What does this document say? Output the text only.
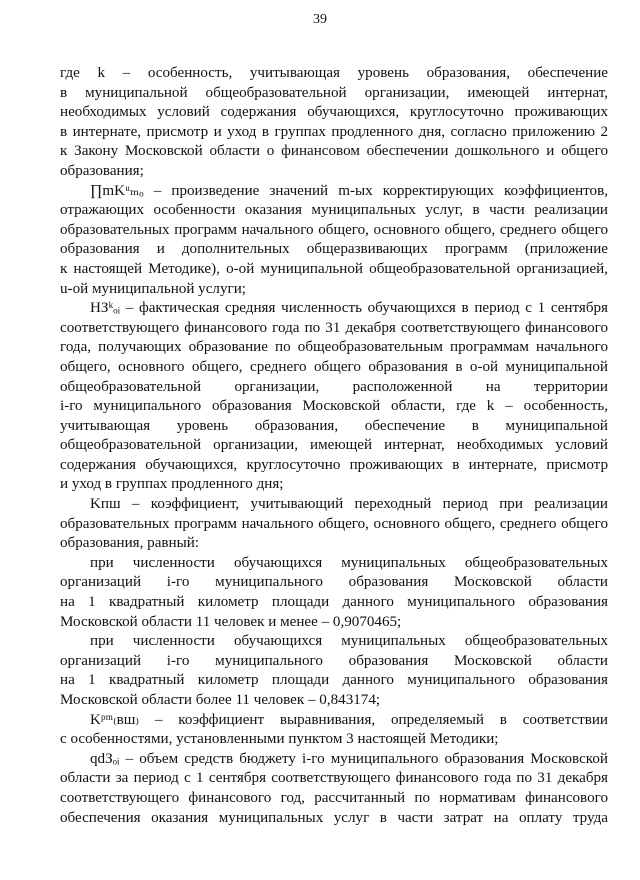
39
где k – особенность, учитывающая уровень образования, обеспечение
в муниципальной общеобразовательной организации, имеющей интернат,
необходимых условий содержания обучающихся, круглосуточно проживающих
в интернате, присмотр и уход в группах продленного дня, согласно приложению 2
к Закону Московской области о финансовом обеспечении дошкольного и общего
образования;
∏mKᵘₘₒ – произведение значений m-ых корректирующих коэффициентов,
отражающих особенности оказания муниципальных услуг, в части реализации
образовательных программ начального общего, основного общего, среднего общего
образования и дополнительных общеразвивающих программ (приложение
к настоящей Методике), о-ой муниципальной общеобразовательной организацией,
u-ой муниципальной услуги;
НЗᵏₒᵢ – фактическая средняя численность обучающихся в период с 1 сентября
соответствующего финансового года по 31 декабря соответствующего финансового
года, получающих образование по общеобразовательным программам начального
общего, основного общего, среднего общего образования в о-ой муниципальной
общеобразовательной организации, расположенной на территории
i-го муниципального образования Московской области, где k – особенность,
учитывающая уровень образования, обеспечение в муниципальной
общеобразовательной организации, имеющей интернат, необходимых условий
содержания обучающихся, круглосуточно проживающих в интернате, присмотр
и уход в группах продленного дня;
Kпш – коэффициент, учитывающий переходный период при реализации
образовательных программ начального общего, основного общего, среднего общего
образования, равный:
при численности обучающихся муниципальных общеобразовательных
организаций i-го муниципального образования Московской области
на 1 квадратный километр площади данного муниципального образования
Московской области 11 человек и менее – 0,9070465;
при численности обучающихся муниципальных общеобразовательных
организаций i-го муниципального образования Московской области
на 1 квадратный километр площади данного муниципального образования
Московской области более 11 человек – 0,843174;
Kᵖᵐ₍вш₎ – коэффициент выравнивания, определяемый в соответствии
с особенностями, установленными пунктом 3 настоящей Методики;
qdЗₒᵢ – объем средств бюджету i-го муниципального образования Московской
области за период с 1 сентября соответствующего финансового года по 31 декабря
соответствующего финансового год, рассчитанный по нормативам финансового
обеспечения оказания муниципальных услуг в части затрат на оплату труда
